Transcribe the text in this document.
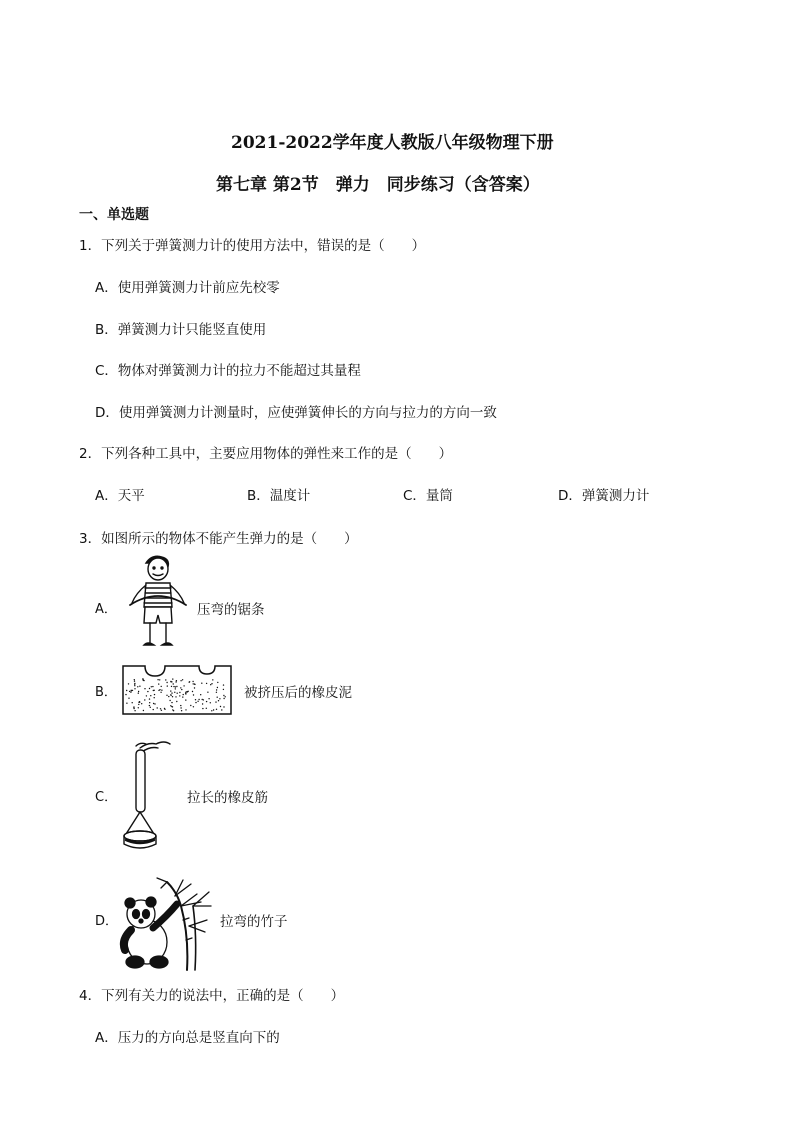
2021-2022学年度人教版八年级物理下册
第七章 第2节　弹力　同步练习（含答案）
一、单选题
1．下列关于弹簧测力计的使用方法中，错误的是（　　）
A．使用弹簧测力计前应先校零
B．弹簧测力计只能竖直使用
C．物体对弹簧测力计的拉力不能超过其量程
D．使用弹簧测力计测量时，应使弹簧伸长的方向与拉力的方向一致
2．下列各种工具中，主要应用物体的弹性来工作的是（　　）
A．天平	B．温度计	C．量筒	D．弹簧测力计
3．如图所示的物体不能产生弹力的是（　　）
A．	压弯的锯条
B．	被挤压后的橡皮泥
C．	拉长的橡皮筋
D．	拉弯的竹子
4．下列有关力的说法中，正确的是（　　）
A．压力的方向总是竖直向下的
